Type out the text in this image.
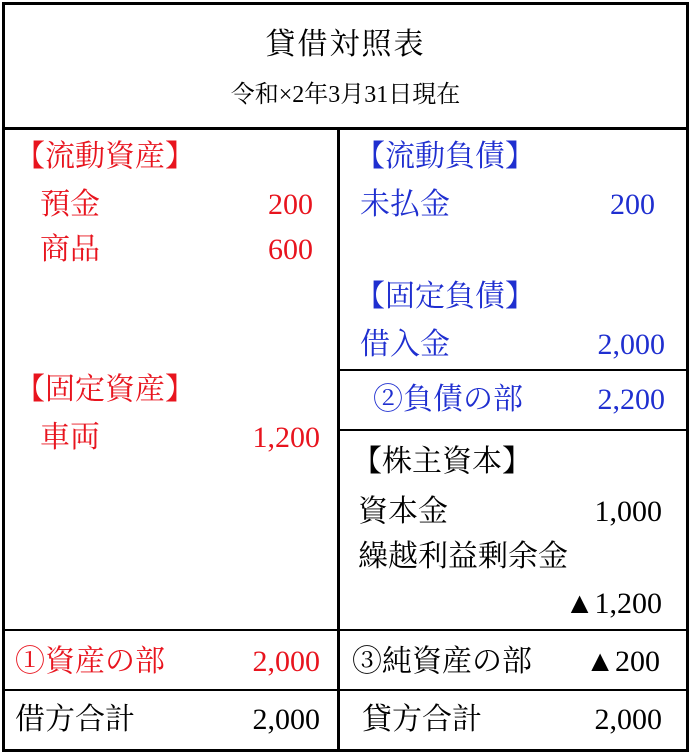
貸借対照表
令和×2年3月31日現在
【流動資産】
預金	200
商品	600
【固定資産】
車両	1,200
【流動負債】
未払金	200
【固定負債】
借入金	2,000
②負債の部 2,200
【株主資本】
資本金	1,000
繰越利益剰余金
▲1,200
①資産の部	2,000 ③純資産の部 ▲200
借方合計	2,000 貸方合計	2,000
